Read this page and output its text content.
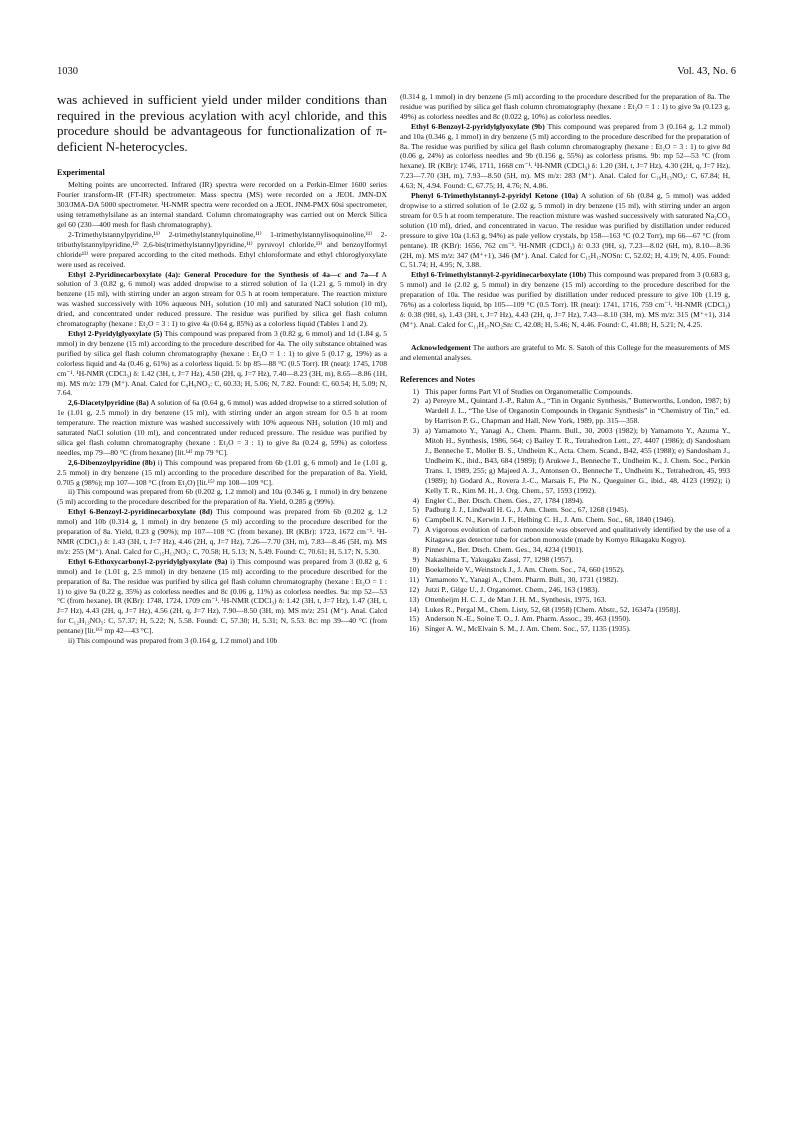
1030	Vol. 43, No. 6

was achieved in sufficient yield under milder conditions than required in the previous acylation with acyl chloride, and this procedure should be advantageous for functionalization of π-deficient N-heterocycles.

Experimental

Melting points are uncorrected. Infrared (IR) spectra were recorded on a Perkin-Elmer 1600 series Fourier transform-IR (FT-IR) spectrometer. Mass spectra (MS) were recorded on a JEOL JMN-DX 303/JMA-DA 5000 spectrometer. ¹H-NMR spectra were recorded on a JEOL JNM-PMX 60si spectrometer, using tetramethylsilane as an internal standard. Column chromatography was carried out on Merck Silica gel 60 (230—400 mesh for flash chromatography).

2-Trimethylstannylpyridine,¹¹⁾ 2-trimethylstannylquinoline,¹¹⁾ 1-trimethylstannylisoquinoline,¹¹⁾ 2-tributhylstannylpyridine,¹²⁾ 2,6-bis(trimethylstannyl)pyridine,¹¹⁾ pyruvoyl chloride,¹³⁾ and benzoylformyl chloride¹³⁾ were prepared according to the cited methods. Ethyl chloroformate and ethyl chloroglyoxylate were used as received.

Ethyl 2-Pyridinecarboxylate (4a): General Procedure for the Synthesis of 4a—c and 7a—f A solution of 3 (0.82 g, 6 mmol) was added dropwise to a stirred solution of 1a (1.21 g, 5 mmol) in dry benzene (15 ml), with stirring under an argon stream for 0.5 h at room temperature. The reaction mixture was washed successively with 10% aqueous NH₃ solution (10 ml) and saturated NaCl solution (10 ml), dried, and concentrated under reduced pressure. The residue was purified by silica gel flash column chromatography (hexane : Et₂O = 3 : 1) to give 4a (0.64 g, 85%) as a colorless liquid (Tables 1 and 2).

Ethyl 2-Pyridylglyoxylate (5) This compound was prepared from 3 (0.82 g, 6 mmol) and 1d (1.84 g, 5 mmol) in dry benzene (15 ml) according to the procedure described for 4a. The oily substance obtained was purified by silica gel flash column chromatography (hexane : Et₂O = 1 : 1) to give 5 (0.17 g, 19%) as a colorless liquid and 4a (0.46 g, 61%) as a colorless liquid. 5: bp 85—88 °C (0.5 Torr). IR (neat): 1745, 1708 cm⁻¹. ¹H-NMR (CDCl₃) δ: 1.42 (3H, t, J=7 Hz), 4.50 (2H, q, J=7 Hz), 7.40—8.23 (3H, m), 8.65—8.86 (1H, m). MS m/z: 179 (M⁺). Anal. Calcd for C₉H₉NO₃: C, 60.33; H, 5.06; N, 7.82. Found: C, 60.54; H, 5.09; N, 7.64.

2,6-Diacetylpyridine (8a) A solution of 6a (0.64 g, 6 mmol) was added dropwise to a stirred solution of 1e (1.01 g, 2.5 mmol) in dry benzene (15 ml), with stirring under an argon stream for 0.5 h at room temperature. The reaction mixture was washed successively with 10% aqueous NH₃ solution (10 ml) and saturated NaCl solution (10 ml), and concentrated under reduced pressure. The residue was purified by silica gel flash column chromatography (hexane : Et₂O = 3 : 1) to give 8a (0.24 g, 59%) as colorless needles, mp 79—80 °C (from hexane) [lit.¹⁴⁾ mp 79 °C].

2,6-Dibenzoylpyridine (8b) i) This compound was prepared from 6b (1.01 g, 6 mmol) and 1e (1.01 g, 2.5 mmol) in dry benzene (15 ml) according to the procedure described for the preparation of 8a. Yield, 0.705 g (98%); mp 107—108 °C (from Et₂O) [lit.¹⁵⁾ mp 108—109 °C].

ii) This compound was prepared from 6b (0.202 g, 1.2 mmol) and 10a (0.346 g, 1 mmol) in dry benzene (5 ml) according to the procedure described for the preparation of 8a. Yield, 0.285 g (99%).

Ethyl 6-Benzoyl-2-pyridinecarboxylate (8d) This compound was prepared from 6b (0.202 g, 1.2 mmol) and 10b (0.314 g, 1 mmol) in dry benzene (5 ml) according to the procedure described for the preparation of 8a. Yield, 0.23 g (90%); mp 107—108 °C (from hexane). IR (KBr): 1723, 1672 cm⁻¹. ¹H-NMR (CDCl₃) δ: 1.43 (3H, t, J=7 Hz), 4.46 (2H, q, J=7 Hz), 7.26—7.70 (3H, m), 7.83—8.46 (5H, m). MS m/z: 255 (M⁺). Anal. Calcd for C₁₅H₁₃NO₃: C, 70.58; H, 5.13; N, 5.49. Found: C, 70.61; H, 5.17; N, 5.30.

Ethyl 6-Ethoxycarbonyl-2-pyridylglyoxylate (9a) i) This compound was prepared from 3 (0.82 g, 6 mmol) and 1e (1.01 g, 2.5 mmol) in dry benzene (15 ml) according to the procedure described for the preparation of 8a. The residue was purified by silica gel flash column chromatography (hexane : Et₂O = 1 : 1) to give 9a (0.22 g, 35%) as colorless needles and 8c (0.06 g, 11%) as colorless needles. 9a: mp 52—53 °C (from hexane). IR (KBr): 1748, 1724, 1709 cm⁻¹. ¹H-NMR (CDCl₃) δ: 1.42 (3H, t, J=7 Hz), 1.47 (3H, t, J=7 Hz), 4.43 (2H, q, J=7 Hz), 4.56 (2H, q, J=7 Hz), 7.90—8.50 (3H, m). MS m/z: 251 (M⁺). Anal. Calcd for C₁₂H₁₃NO₅: C, 57.37; H, 5.22; N, 5.58. Found: C, 57.30; H, 5.31; N, 5.53. 8c: mp 39—40 °C (from pentane) [lit.¹⁶⁾ mp 42—43 °C].

ii) This compound was prepared from 3 (0.164 g, 1.2 mmol) and 10b

(0.314 g, 1 mmol) in dry benzene (5 ml) according to the procedure described for the preparation of 8a. The residue was purified by silica gel flash column chromatography (hexane : Et₂O = 1 : 1) to give 9a (0.123 g, 49%) as colorless needles and 8c (0.022 g, 10%) as colorless needles.

Ethyl 6-Benzoyl-2-pyridylglyoxylate (9b) This compound was prepared from 3 (0.164 g, 1.2 mmol) and 10a (0.346 g, 1 mmol) in dry benzene (5 ml) according to the procedure described for the preparation of 8a. The residue was purified by silica gel flash column chromatography (hexane : Et₂O = 3 : 1) to give 8d (0.06 g, 24%) as colorless needles and 9b (0.156 g, 55%) as colorless prisms. 9b: mp 52—53 °C (from hexane). IR (KBr): 1746, 1711, 1668 cm⁻¹. ¹H-NMR (CDCl₃) δ: 1.20 (3H, t, J=7 Hz), 4.30 (2H, q, J=7 Hz), 7.23—7.70 (3H, m), 7.93—8.50 (5H, m). MS m/z: 283 (M⁺). Anal. Calcd for C₁₆H₁₃NO₄: C, 67.84; H, 4.63; N, 4.94. Found: C, 67.75; H, 4.76; N, 4.86.

Phenyl 6-Trimethylstannyl-2-pyridyl Ketone (10a) A solution of 6b (0.84 g, 5 mmol) was added dropwise to a stirred solution of 1e (2.02 g, 5 mmol) in dry benzene (15 ml), with stirring under an argon stream for 0.5 h at room temperature. The reaction mixture was washed successively with saturated Na₂CO₃ solution (10 ml), dried, and concentrated in vacuo. The residue was purified by distillation under reduced pressure to give 10a (1.63 g, 94%) as pale yellow crystals, bp 158—163 °C (0.2 Torr), mp 66—67 °C (from pentane). IR (KBr): 1656, 762 cm⁻¹. ¹H-NMR (CDCl₃) δ: 0.33 (9H, s), 7.23—8.02 (6H, m), 8.10—8.36 (2H, m). MS m/z: 347 (M⁺+1), 346 (M⁺). Anal. Calcd for C₁₅H₁₇NOSn: C, 52.02; H, 4.19; N, 4.05. Found: C, 51.74; H, 4.95; N, 3.88.

Ethyl 6-Trimethylstannyl-2-pyridinecarboxylate (10b) This compound was prepared from 3 (0.683 g, 5 mmol) and 1e (2.02 g, 5 mmol) in dry benzene (15 ml) according to the procedure described for the preparation of 10a. The residue was purified by distillation under reduced pressure to give 10b (1.19 g, 76%) as a colorless liquid, bp 105—109 °C (0.5 Torr). IR (neat): 1741, 1716, 759 cm⁻¹. ¹H-NMR (CDCl₃) δ: 0.38 (9H, s), 1.43 (3H, t, J=7 Hz), 4.43 (2H, q, J=7 Hz), 7.43—8.10 (3H, m). MS m/z: 315 (M⁺+1), 314 (M⁺). Anal. Calcd for C₁₁H₁₇NO₂Sn: C, 42.08; H, 5.46; N, 4.46. Found: C, 41.88; H, 5.21; N, 4.25.

Acknowledgement The authors are grateful to Mr. S. Satoh of this College for the measurements of MS and elemental analyses.

References and Notes
1) This paper forms Part VI of Studies on Organometallic Compounds.
2) a) Pereyre M., Quintard J.-P., Rahm A., “Tin in Organic Synthesis,” Butterworths, London, 1987; b) Wardell J. L., “The Use of Organotin Compounds in Organic Synthesis” in “Chemistry of Tin,” ed. by Harrison P. G., Chapman and Hall, New York, 1989, pp. 315—358.
3) a) Yamamoto Y., Yanagi A., Chem. Pharm. Bull., 30, 2003 (1982); b) Yamamoto Y., Azuma Y., Mitoh H., Synthesis, 1986, 564; c) Bailey T. R., Tetrahedron Lett., 27, 4407 (1986); d) Sandosham J., Benneche T., Moller B. S., Undheim K., Acta. Chem. Scand., B42, 455 (1988); e) Sandosham J., Undheim K., ibid., B43, 684 (1989); f) Arukwe J., Benneche T., Undheim K., J. Chem. Soc., Perkin Trans. 1, 1989, 255; g) Majeed A. J., Antonsen O., Benneche T., Undheim K., Tetrahedron, 45, 993 (1989); h) Godard A., Rovera J.-C., Marsais F., Ple N., Queguiner G., ibid., 48, 4123 (1992); i) Kelly T. R., Kim M. H., J. Org. Chem., 57, 1593 (1992).
4) Engler C., Ber. Dtsch. Chem. Ges., 27, 1784 (1894).
5) Padburg J. J., Lindwall H. G., J. Am. Chem. Soc., 67, 1268 (1945).
6) Campbell K. N., Kerwin J. F., Helbing C. H., J. Am. Chem. Soc., 68, 1840 (1946).
7) A vigorous evolution of carbon monoxide was observed and qualitatively identified by the use of a Kitagawa gas detector tube for carbon monoxide (made by Komyo Rikagaku Kogyo).
8) Pinner A., Ber. Dtsch. Chem. Ges., 34, 4234 (1901).
9) Nakashima T., Yakugaku Zassi, 77, 1298 (1957).
10) Boekelheide V., Weinstock J., J. Am. Chem. Soc., 74, 660 (1952).
11) Yamamoto Y., Yanagi A., Chem. Pharm. Bull., 30, 1731 (1982).
12) Jutzi P., Gilge U., J. Organomet. Chem., 246, 163 (1983).
13) Ottenheijm H. C. J., de Man J. H. M., Synthesis, 1975, 163.
14) Lukes R., Pergal M., Chem. Listy, 52, 68 (1958) [Chem. Abstr., 52, 16347a (1958)].
15) Anderson N.-E., Soine T. O., J. Am. Pharm. Assoc., 39, 463 (1950).
16) Singer A. W., McElvain S. M., J. Am. Chem. Soc., 57, 1135 (1935).
